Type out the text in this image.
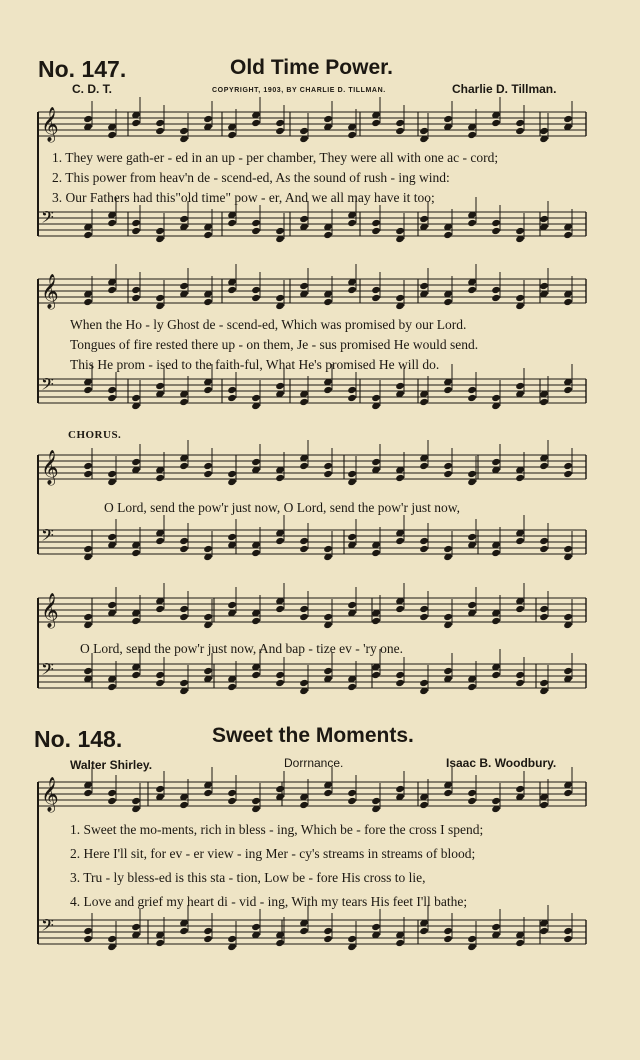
𝄞
𝄢
𝄞
𝄢
𝄞
𝄢
𝄞
𝄢
𝄞
𝄢
No. 147.	Old Time Power.
C. D. T.	COPYRIGHT, 1903, BY CHARLIE D. TILLMAN.	Charlie D. Tillman.
1. They were gath-er - ed in an up - per chamber, They were all with one ac - cord;
2. This power from heav'n de - scend-ed, As the sound of rush - ing wind:
3. Our Fathers had this"old time" pow - er, And we all may have it too;
When the Ho - ly Ghost de - scend-ed, Which was promised by our Lord.
Tongues of fire rested there up - on them, Je - sus promised He would send.
This He prom - ised to the faith-ful, What He's promised He will do.
CHORUS.
O Lord, send the pow'r just now, O Lord, send the pow'r just now,
O Lord, send the pow'r just now, And bap - tize ev - 'ry one.
No. 148.	Sweet the Moments.
Walter Shirley.	Dorrnance.	Isaac B. Woodbury.
1. Sweet the mo-ments, rich in bless - ing, Which be - fore the cross I spend;
2. Here I'll sit, for ev - er view - ing Mer - cy's streams in streams of blood;
3. Tru - ly bless-ed is this sta - tion, Low be - fore His cross to lie,
4. Love and grief my heart di - vid - ing, With my tears His feet I'll bathe;
